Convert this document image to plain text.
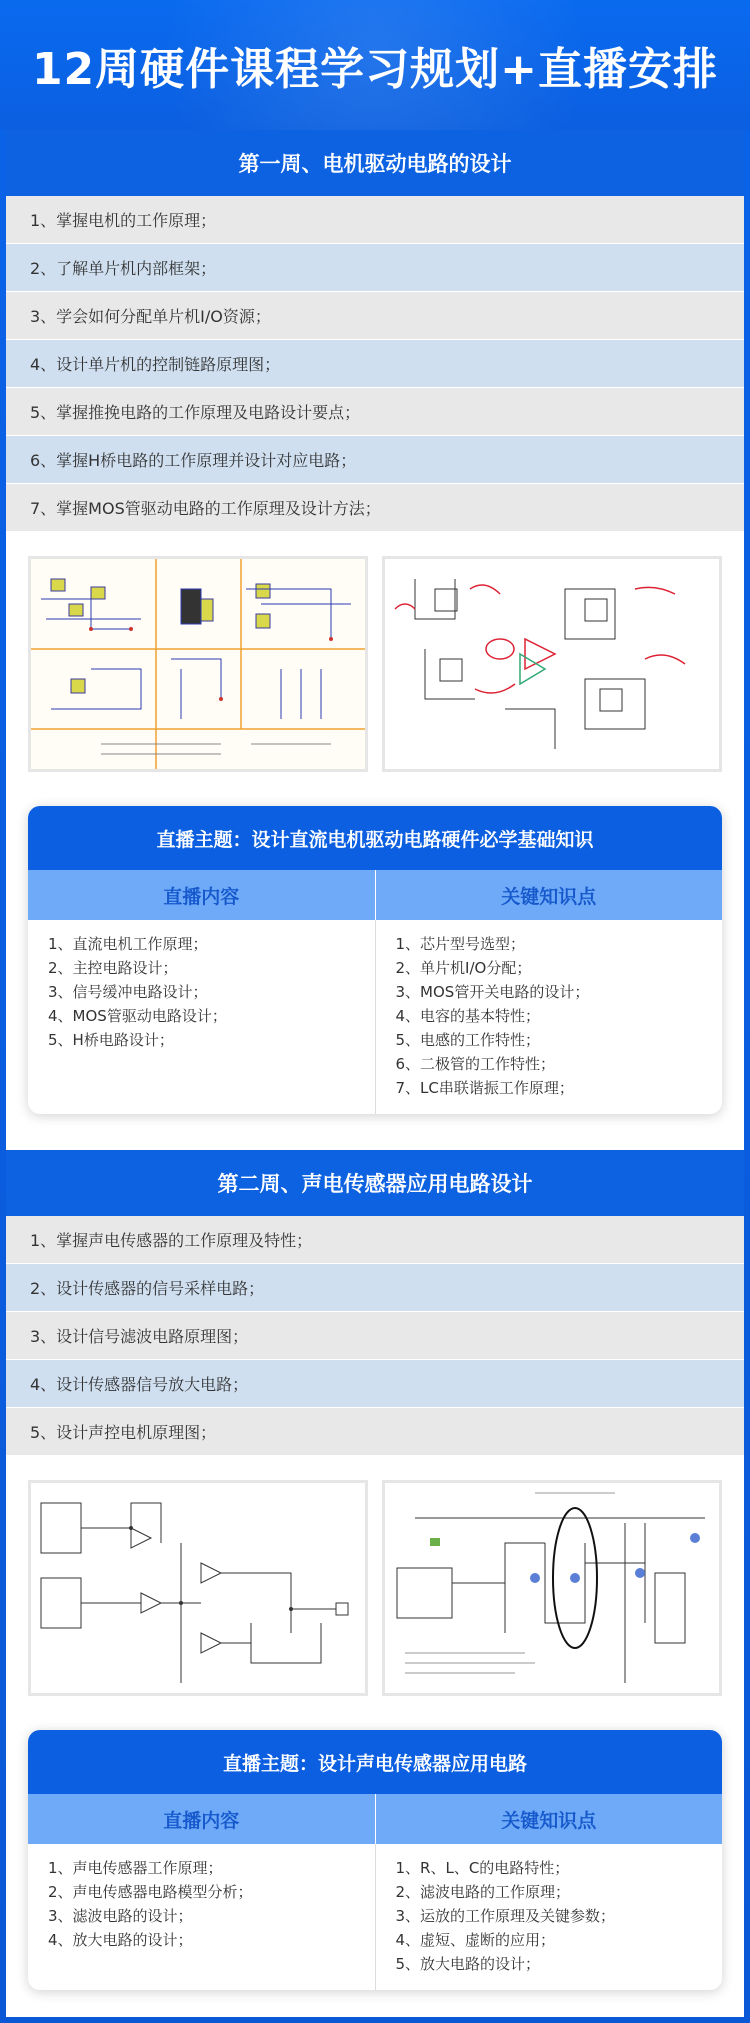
12周硬件课程学习规划+直播安排
第一周、电机驱动电路的设计
1、掌握电机的工作原理；
2、了解单片机内部框架；
3、学会如何分配单片机I/O资源；
4、设计单片机的控制链路原理图；
5、掌握推挽电路的工作原理及电路设计要点；
6、掌握H桥电路的工作原理并设计对应电路；
7、掌握MOS管驱动电路的工作原理及设计方法；
直播主题：设计直流电机驱动电路硬件必学基础知识
直播内容	关键知识点
1、直流电机工作原理；
2、主控电路设计；
3、信号缓冲电路设计；
4、MOS管驱动电路设计；
5、H桥电路设计；
1、芯片型号选型；
2、单片机I/O分配；
3、MOS管开关电路的设计；
4、电容的基本特性；
5、电感的工作特性；
6、二极管的工作特性；
7、LC串联谐振工作原理；
第二周、声电传感器应用电路设计
1、掌握声电传感器的工作原理及特性；
2、设计传感器的信号采样电路；
3、设计信号滤波电路原理图；
4、设计传感器信号放大电路；
5、设计声控电机原理图；
直播主题：设计声电传感器应用电路
直播内容	关键知识点
1、声电传感器工作原理；
2、声电传感器电路模型分析；
3、滤波电路的设计；
4、放大电路的设计；
1、R、L、C的电路特性；
2、滤波电路的工作原理；
3、运放的工作原理及关键参数；
4、虚短、虚断的应用；
5、放大电路的设计；
